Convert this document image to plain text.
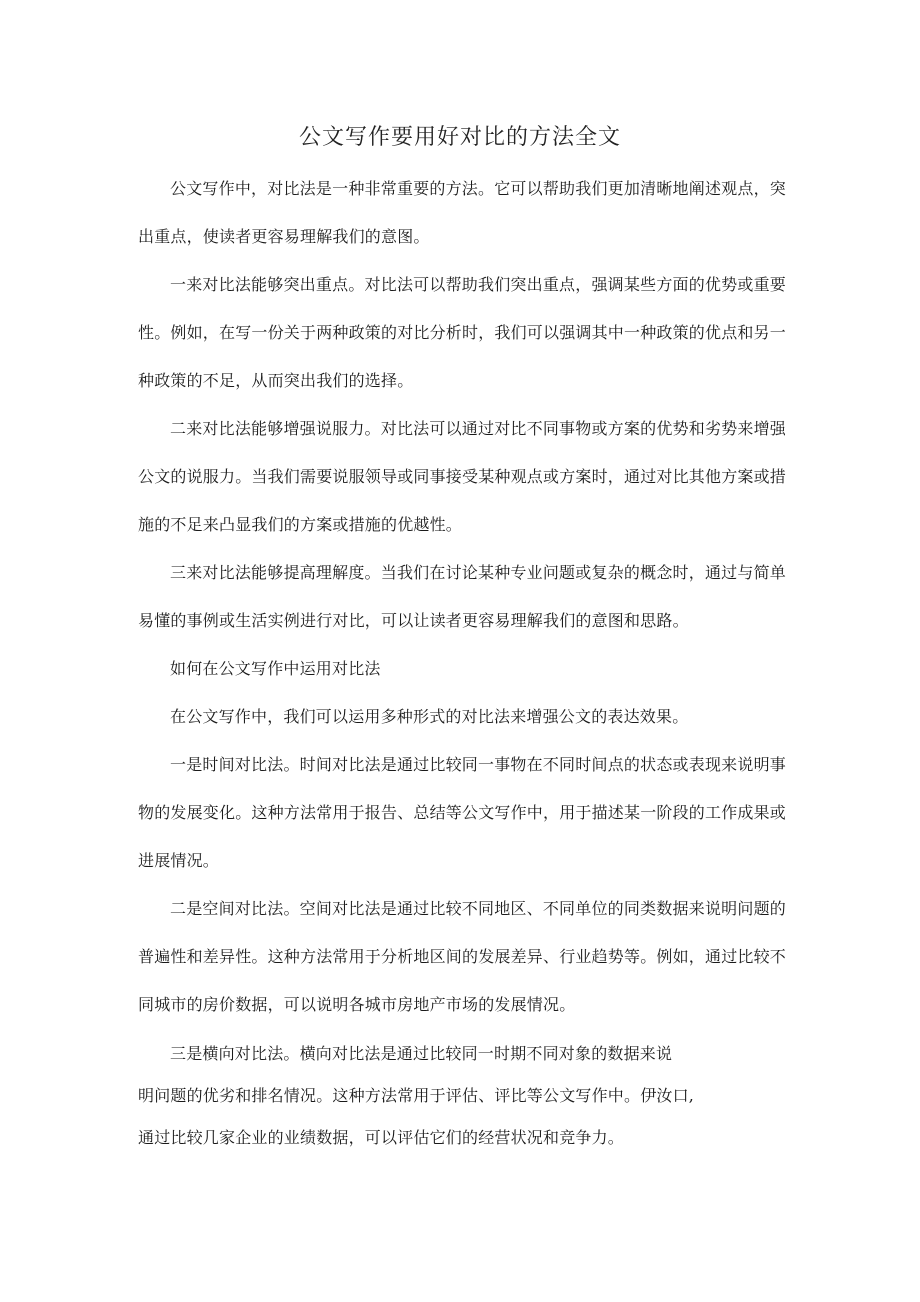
公文写作要用好对比的方法全文

公文写作中，对比法是一种非常重要的方法。它可以帮助我们更加清晰地阐述观点，突出重点，使读者更容易理解我们的意图。

一来对比法能够突出重点。对比法可以帮助我们突出重点，强调某些方面的优势或重要性。例如，在写一份关于两种政策的对比分析时，我们可以强调其中一种政策的优点和另一种政策的不足，从而突出我们的选择。

二来对比法能够增强说服力。对比法可以通过对比不同事物或方案的优势和劣势来增强公文的说服力。当我们需要说服领导或同事接受某种观点或方案时，通过对比其他方案或措施的不足来凸显我们的方案或措施的优越性。

三来对比法能够提高理解度。当我们在讨论某种专业问题或复杂的概念时，通过与简单易懂的事例或生活实例进行对比，可以让读者更容易理解我们的意图和思路。

如何在公文写作中运用对比法

在公文写作中，我们可以运用多种形式的对比法来增强公文的表达效果。

一是时间对比法。时间对比法是通过比较同一事物在不同时间点的状态或表现来说明事物的发展变化。这种方法常用于报告、总结等公文写作中，用于描述某一阶段的工作成果或进展情况。

二是空间对比法。空间对比法是通过比较不同地区、不同单位的同类数据来说明问题的普遍性和差异性。这种方法常用于分析地区间的发展差异、行业趋势等。例如，通过比较不同城市的房价数据，可以说明各城市房地产市场的发展情况。

三是横向对比法。横向对比法是通过比较同一时期不同对象的数据来说
明问题的优劣和排名情况。这种方法常用于评估、评比等公文写作中。伊汝口,
通过比较几家企业的业绩数据，可以评估它们的经营状况和竞争力。
